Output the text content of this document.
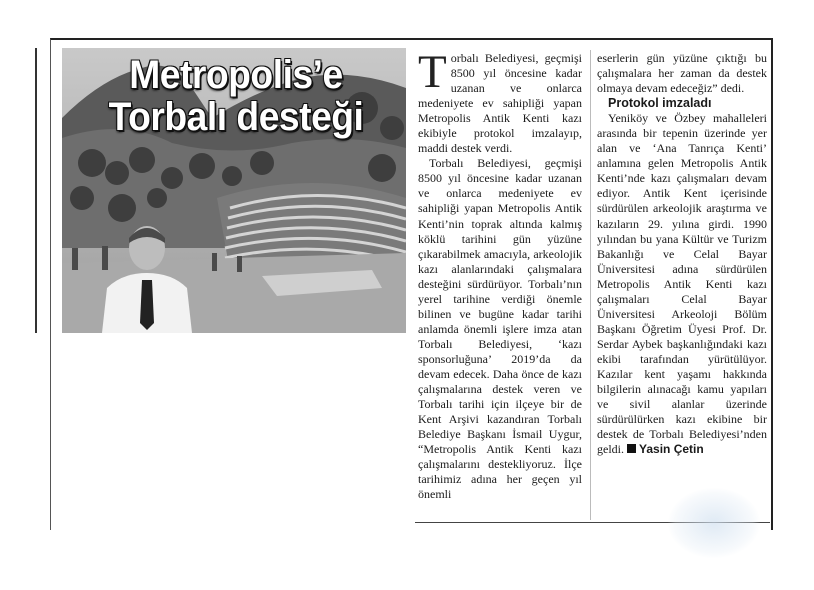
Metropolis’e
Torbalı desteği

Torbalı Belediyesi, geçmişi 8500 yıl öncesine kadar uzanan ve onlarca medeniyete ev sahipliği yapan Metropolis Antik Kenti kazı ekibiyle protokol imzalayıp, maddi destek verdi.

Torbalı Belediyesi, geçmişi 8500 yıl öncesine kadar uzanan ve onlarca medeniyete ev sahipliği yapan Metropolis Antik Kenti’nin toprak altında kalmış köklü tarihini gün yüzüne çıkarabilmek amacıyla, arkeolojik kazı alanlarındaki çalışmalara desteğini sürdürüyor. Torbalı’nın yerel tarihine verdiği önemle bilinen ve bugüne kadar tarihi anlamda önemli işlere imza atan Torbalı Belediyesi, ‘kazı sponsorluğuna’ 2019’da da devam edecek. Daha önce de kazı çalışmalarına destek veren ve Torbalı tarihi için ilçeye bir de Kent Arşivi kazandıran Torbalı Belediye Başkanı İsmail Uygur, “Metropolis Antik Kenti kazı çalışmalarını destekliyoruz. İlçe tarihimiz adına her geçen yıl önemli

eserlerin gün yüzüne çıktığı bu çalışmalara her zaman da destek olmaya devam edeceğiz” dedi.

Protokol imzaladı

Yeniköy ve Özbey mahalleleri arasında bir tepenin üzerinde yer alan ve ‘Ana Tanrıça Kenti’ anlamına gelen Metropolis Antik Kenti’nde kazı çalışmaları devam ediyor. Antik Kent içerisinde sürdürülen arkeolojik araştırma ve kazıların 29. yılına girdi. 1990 yılından bu yana Kültür ve Turizm Bakanlığı ve Celal Bayar Üniversitesi adına sürdürülen Metropolis Antik Kenti kazı çalışmaları Celal Bayar Üniversitesi Arkeoloji Bölüm Başkanı Öğretim Üyesi Prof. Dr. Serdar Aybek başkanlığındaki kazı ekibi tarafından yürütülüyor. Kazılar kent yaşamı hakkında bilgilerin alınacağı kamu yapıları ve sivil alanlar üzerinde sürdürülürken kazı ekibine bir destek de Torbalı Belediyesi’nden geldi. Yasin Çetin
